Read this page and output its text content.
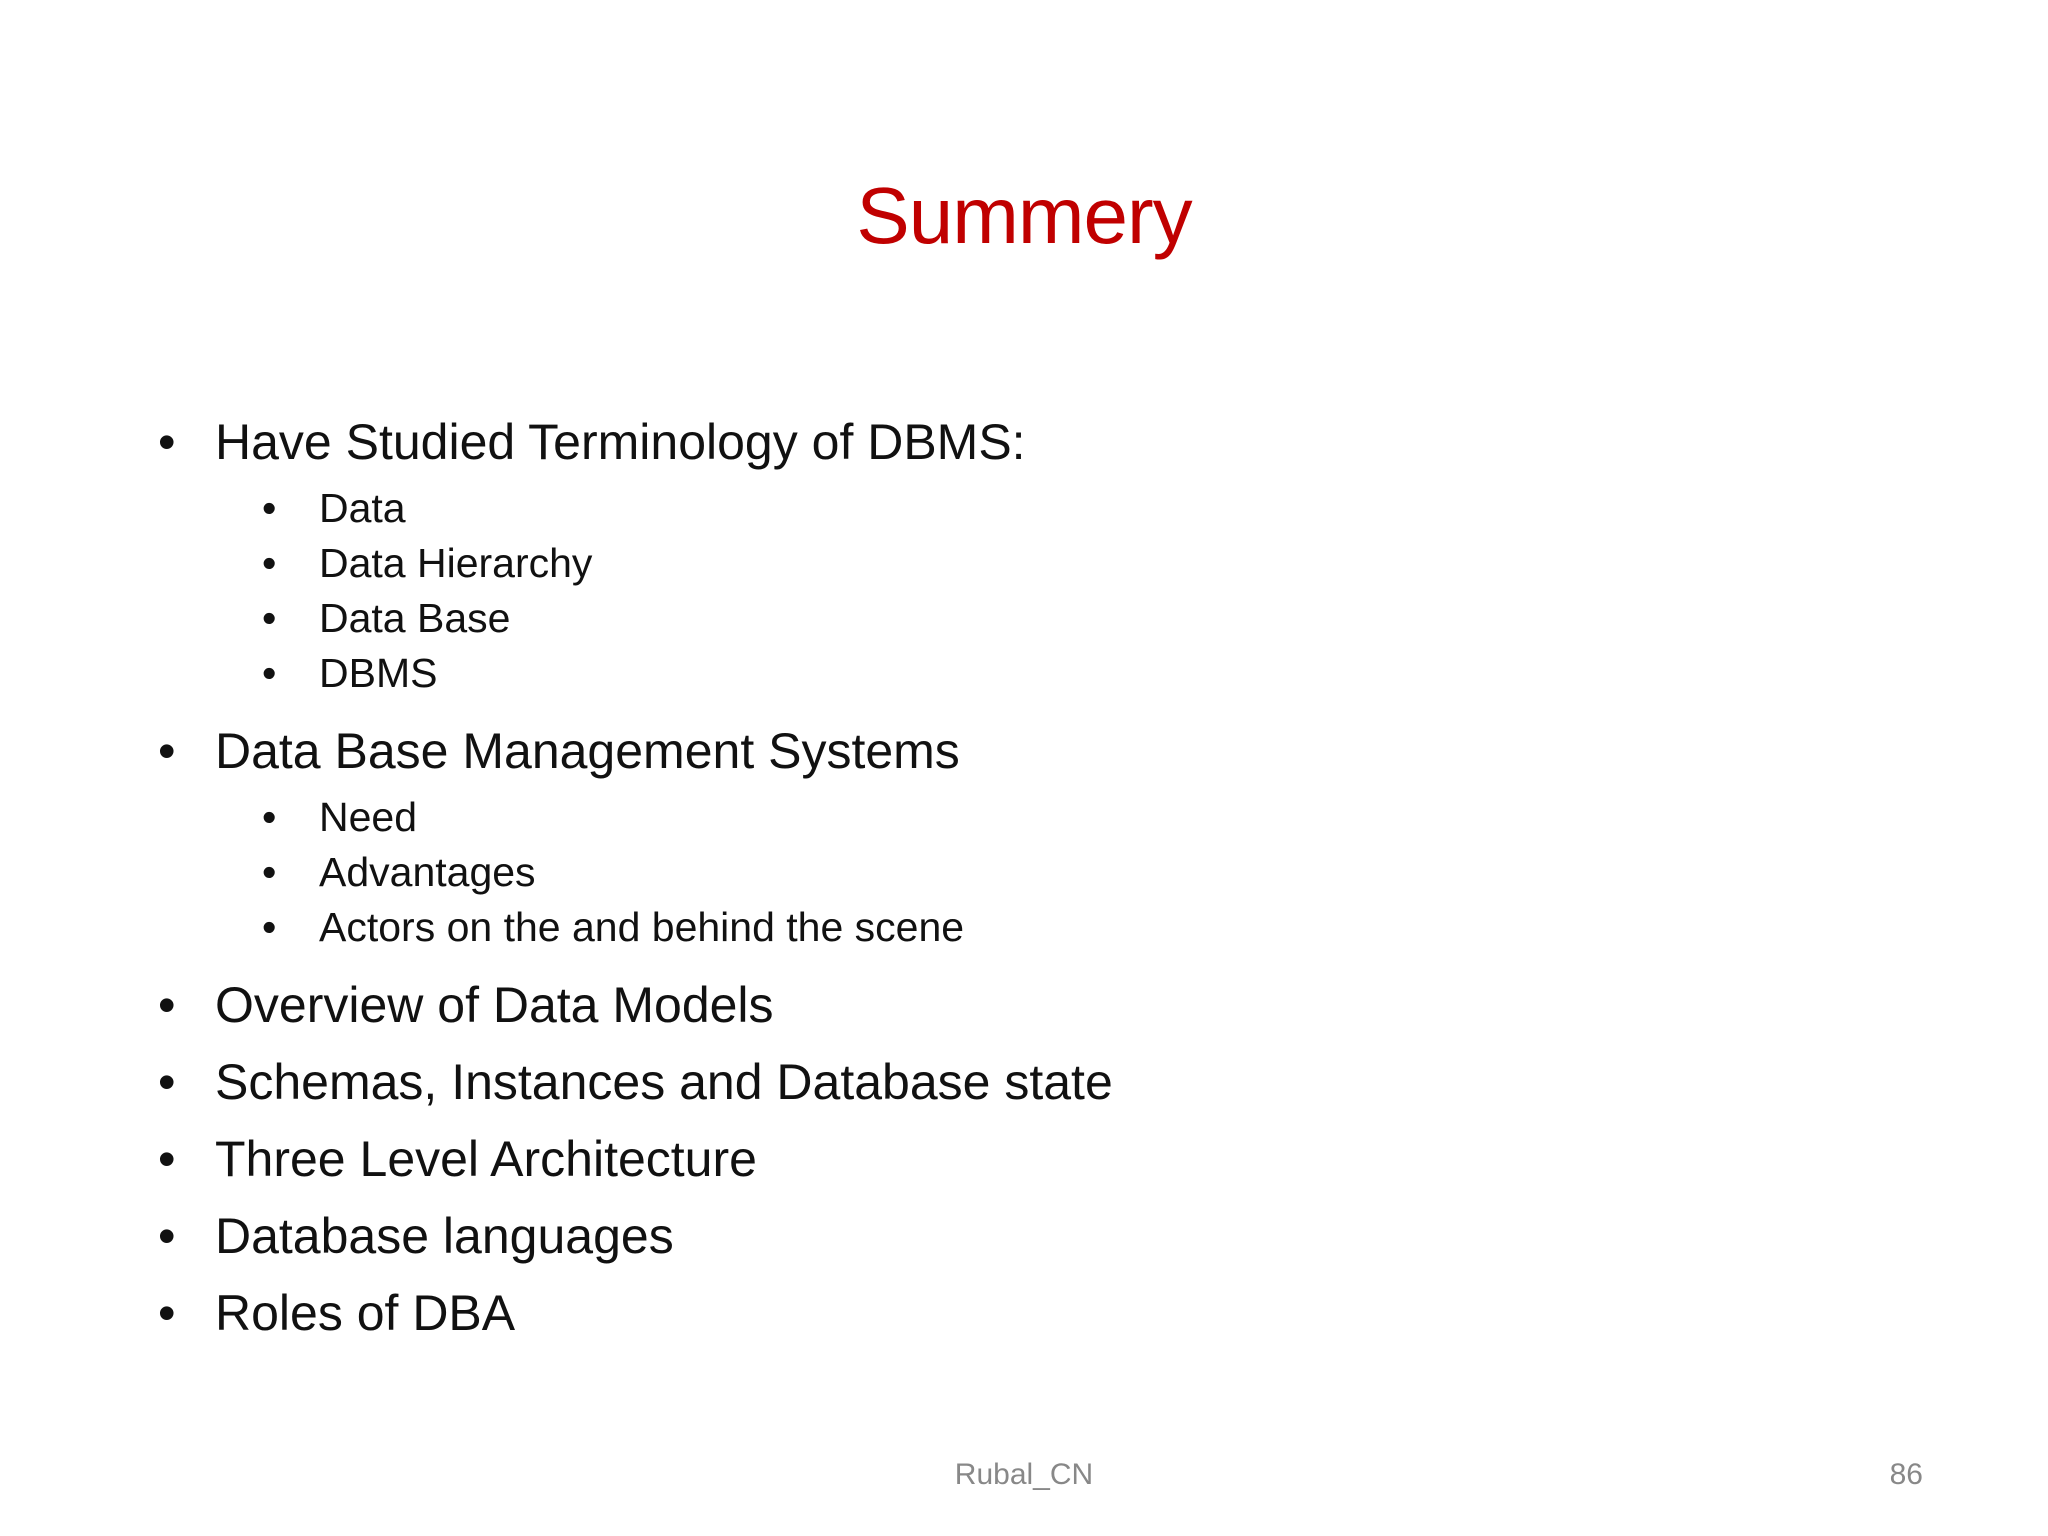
Summery
• Have Studied Terminology of DBMS:
• Data
• Data Hierarchy
• Data Base
• DBMS
• Data Base Management Systems
• Need
• Advantages
• Actors on the and behind the scene
• Overview of Data Models
• Schemas, Instances and Database state
• Three Level Architecture
• Database languages
• Roles of DBA
Rubal_CN	86
